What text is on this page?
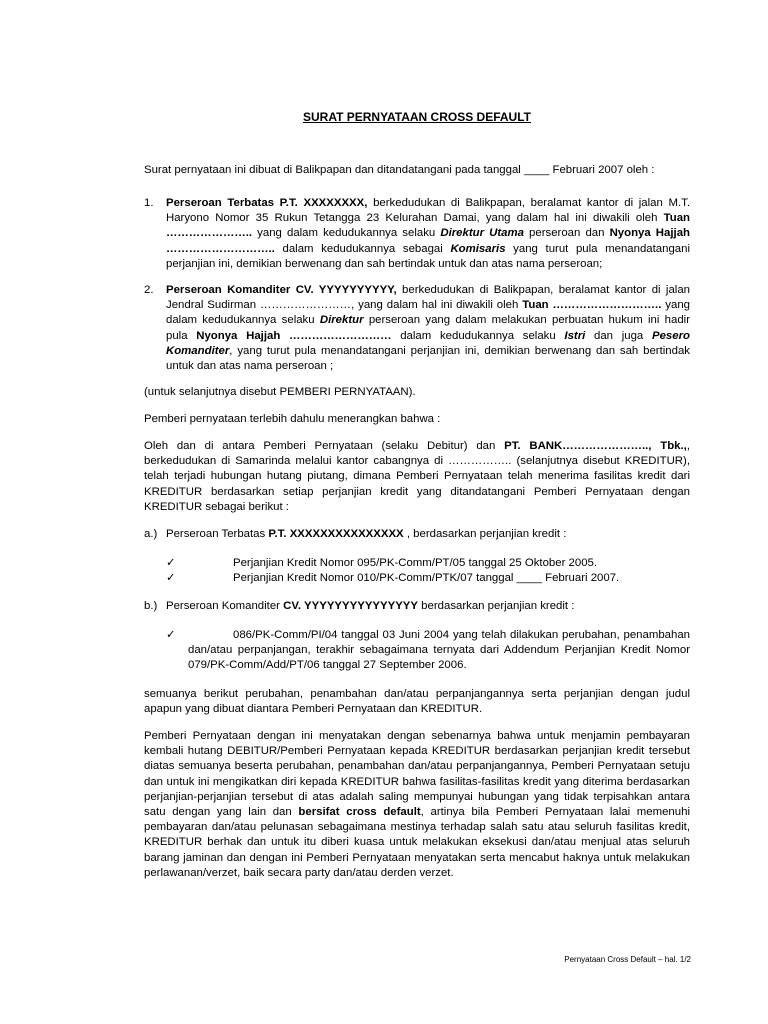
SURAT PERNYATAAN CROSS DEFAULT
Surat pernyataan ini dibuat di Balikpapan dan ditandatangani pada tanggal ____ Februari 2007 oleh :
1.	Perseroan Terbatas P.T. XXXXXXXX, berkedudukan di Balikpapan, beralamat kantor di jalan M.T. Haryono Nomor 35 Rukun Tetangga 23 Kelurahan Damai, yang dalam hal ini diwakili oleh Tuan ………………….. yang dalam kedudukannya selaku Direktur Utama perseroan dan Nyonya Hajjah ……………………….. dalam kedudukannya sebagai Komisaris yang turut pula menandatangani perjanjian ini, demikian berwenang dan sah bertindak untuk dan atas nama perseroan;
2.	Perseroan Komanditer CV. YYYYYYYYYY, berkedudukan di Balikpapan, beralamat kantor di jalan Jendral Sudirman ……………………, yang dalam hal ini diwakili oleh Tuan ……………………….. yang dalam kedudukannya selaku Direktur perseroan yang dalam melakukan perbuatan hukum ini hadir pula Nyonya Hajjah ……………………… dalam kedudukannya selaku Istri dan juga Pesero Komanditer, yang turut pula menandatangani perjanjian ini, demikian berwenang dan sah bertindak untuk dan atas nama perseroan ;
(untuk selanjutnya disebut PEMBERI PERNYATAAN).
Pemberi pernyataan terlebih dahulu menerangkan bahwa :
Oleh dan di antara Pemberi Pernyataan (selaku Debitur) dan PT. BANK………………….., Tbk.,, berkedudukan di Samarinda melalui kantor cabangnya di …………….. (selanjutnya disebut KREDITUR), telah terjadi hubungan hutang piutang, dimana Pemberi Pernyataan telah menerima fasilitas kredit dari KREDITUR berdasarkan setiap perjanjian kredit yang ditandatangani Pemberi Pernyataan dengan KREDITUR sebagai berikut :
a.) Perseroan Terbatas P.T. XXXXXXXXXXXXXXX , berdasarkan perjanjian kredit :
✓	Perjanjian Kredit Nomor 095/PK-Comm/PT/05 tanggal 25 Oktober 2005.
✓	Perjanjian Kredit Nomor 010/PK-Comm/PTK/07 tanggal ____ Februari 2007.
b.) Perseroan Komanditer CV. YYYYYYYYYYYYYYY berdasarkan perjanjian kredit :
✓	086/PK-Comm/PI/04 tanggal 03 Juni 2004 yang telah dilakukan perubahan, penambahan dan/atau perpanjangan, terakhir sebagaimana ternyata dari Addendum Perjanjian Kredit Nomor 079/PK-Comm/Add/PT/06 tanggal 27 September 2006.
semuanya berikut perubahan, penambahan dan/atau perpanjangannya serta perjanjian dengan judul apapun yang dibuat diantara Pemberi Pernyataan dan KREDITUR.
Pemberi Pernyataan dengan ini menyatakan dengan sebenarnya bahwa untuk menjamin pembayaran kembali hutang DEBITUR/Pemberi Pernyataan kepada KREDITUR berdasarkan perjanjian kredit tersebut diatas semuanya beserta perubahan, penambahan dan/atau perpanjangannya, Pemberi Pernyataan setuju dan untuk ini mengikatkan diri kepada KREDITUR bahwa fasilitas-fasilitas kredit yang diterima berdasarkan perjanjian-perjanjian tersebut di atas adalah saling mempunyai hubungan yang tidak terpisahkan antara satu dengan yang lain dan bersifat cross default, artinya bila Pemberi Pernyataan lalai memenuhi pembayaran dan/atau pelunasan sebagaimana mestinya terhadap salah satu atau seluruh fasilitas kredit, KREDITUR berhak dan untuk itu diberi kuasa untuk melakukan eksekusi dan/atau menjual atas seluruh barang jaminan dan dengan ini Pemberi Pernyataan menyatakan serta mencabut haknya untuk melakukan perlawanan/verzet, baik secara party dan/atau derden verzet.
Pernyataan Cross Default – hal. 1/2
